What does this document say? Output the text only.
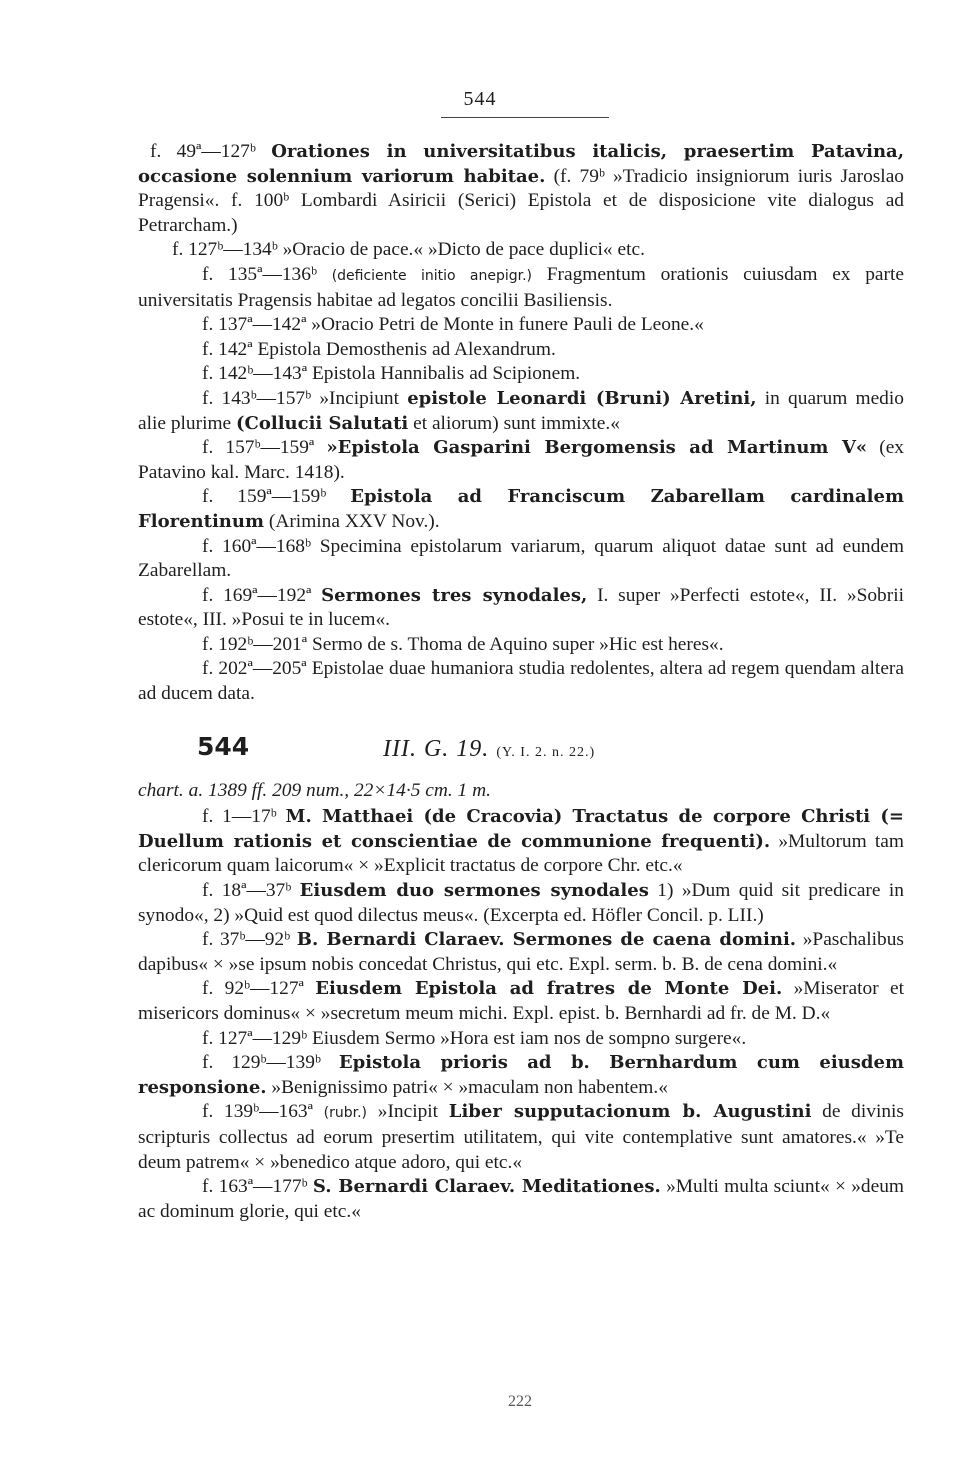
544

f. 49ª—127ᵇ Orationes in universitatibus italicis, praesertim Patavina, occasione solennium variorum habitae. (f. 79ᵇ »Tradicio insigniorum iuris Jaroslao Pragensi«. f. 100ᵇ Lombardi Asiricii (Serici) Epistola et de disposicione vite dialogus ad Petrarcham.)

f. 127ᵇ—134ᵇ »Oracio de pace.« »Dicto de pace duplici« etc.

f. 135ª—136ᵇ (deficiente initio anepigr.) Fragmentum orationis cuiusdam ex parte universitatis Pragensis habitae ad legatos concilii Basiliensis.

f. 137ª—142ª »Oracio Petri de Monte in funere Pauli de Leone.«

f. 142ª Epistola Demosthenis ad Alexandrum.

f. 142ᵇ—143ª Epistola Hannibalis ad Scipionem.

f. 143ᵇ—157ᵇ »Incipiunt epistole Leonardi (Bruni) Aretini, in quarum medio alie plurime (Collucii Salutati et aliorum) sunt immixte.«

f. 157ᵇ—159ª »Epistola Gasparini Bergomensis ad Martinum V« (ex Patavino kal. Marc. 1418).

f. 159ª—159ᵇ Epistola ad Franciscum Zabarellam cardinalem Florentinum (Arimina XXV Nov.).

f. 160ª—168ᵇ Specimina epistolarum variarum, quarum aliquot datae sunt ad eundem Zabarellam.

f. 169ª—192ª Sermones tres synodales, I. super »Perfecti estote«, II. »Sobrii estote«, III. »Posui te in lucem«.

f. 192ᵇ—201ª Sermo de s. Thoma de Aquino super »Hic est heres«.

f. 202ª—205ª Epistolae duae humaniora studia redolentes, altera ad regem quendam altera ad ducem data.

544	III. G. 19. (Y. I. 2. n. 22.)

chart. a. 1389 ff. 209 num., 22×14·5 cm. 1 m.

f. 1—17ᵇ M. Matthaei (de Cracovia) Tractatus de corpore Christi (= Duellum rationis et conscientiae de communione frequenti). »Multorum tam clericorum quam laicorum« × »Explicit tractatus de corpore Chr. etc.«

f. 18ª—37ᵇ Eiusdem duo sermones synodales 1) »Dum quid sit predicare in synodo«, 2) »Quid est quod dilectus meus«. (Excerpta ed. Höfler Concil. p. LII.)

f. 37ᵇ—92ᵇ B. Bernardi Claraev. Sermones de caena domini. »Paschalibus dapibus« × »se ipsum nobis concedat Christus, qui etc. Expl. serm. b. B. de cena domini.«

f. 92ᵇ—127ª Eiusdem Epistola ad fratres de Monte Dei. »Miserator et misericors dominus« × »secretum meum michi. Expl. epist. b. Bernhardi ad fr. de M. D.«

f. 127ª—129ᵇ Eiusdem Sermo »Hora est iam nos de sompno surgere«.

f. 129ᵇ—139ᵇ Epistola prioris ad b. Bernhardum cum eiusdem responsione. »Benignissimo patri« × »maculam non habentem.«

f. 139ᵇ—163ª (rubr.) »Incipit Liber supputacionum b. Augustini de divinis scripturis collectus ad eorum presertim utilitatem, qui vite contemplative sunt amatores.« »Te deum patrem« × »benedico atque adoro, qui etc.«

f. 163ª—177ᵇ S. Bernardi Claraev. Meditationes. »Multi multa sciunt« × »deum ac dominum glorie, qui etc.«

222
